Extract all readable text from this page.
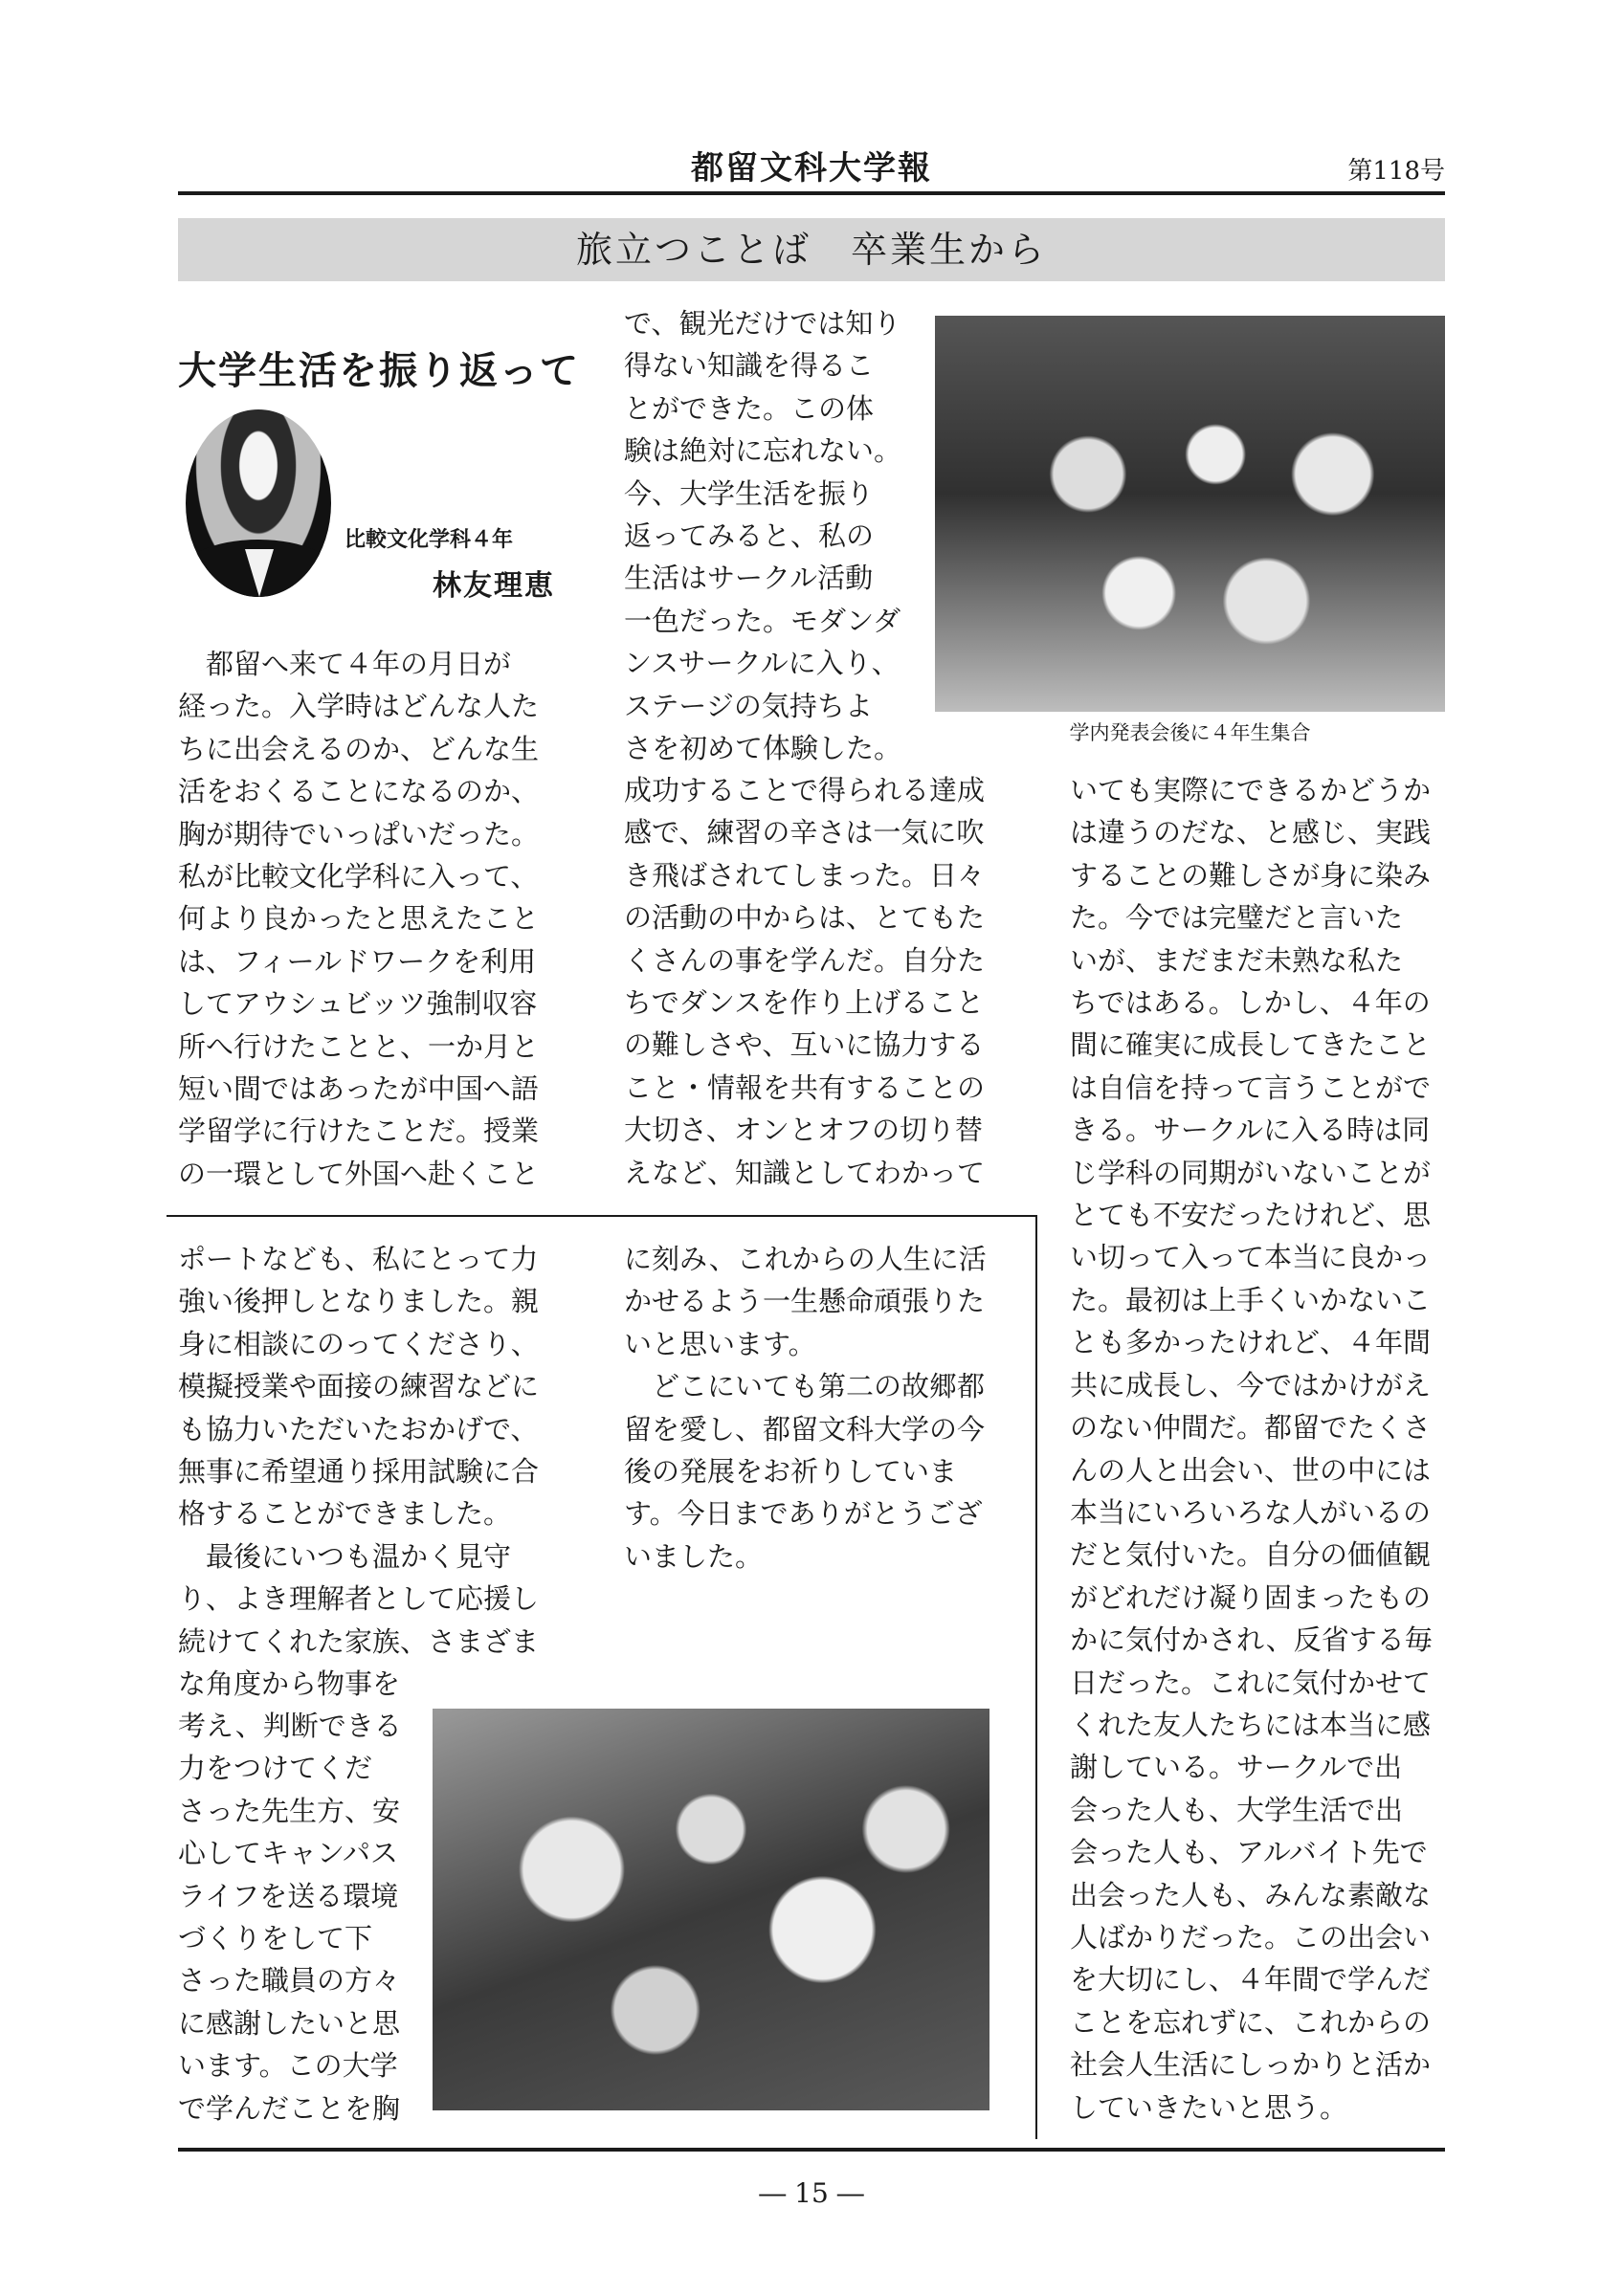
都留文科大学報	第118号
旅立つことば　卒業生から
大学生活を振り返って
比較文化学科４年
林友理恵
　都留へ来て４年の月日が
経った。入学時はどんな人た
ちに出会えるのか、どんな生
活をおくることになるのか、
胸が期待でいっぱいだった。
私が比較文化学科に入って、
何より良かったと思えたこと
は、フィールドワークを利用
してアウシュビッツ強制収容
所へ行けたことと、一か月と
短い間ではあったが中国へ語
学留学に行けたことだ。授業
の一環として外国へ赴くこと
で、観光だけでは知り
得ない知識を得るこ
とができた。この体
験は絶対に忘れない。
今、大学生活を振り
返ってみると、私の
生活はサークル活動
一色だった。モダンダ
ンスサークルに入り、
ステージの気持ちよ
さを初めて体験した。
成功することで得られる達成
感で、練習の辛さは一気に吹
き飛ばされてしまった。日々
の活動の中からは、とてもた
くさんの事を学んだ。自分た
ちでダンスを作り上げること
の難しさや、互いに協力する
こと・情報を共有することの
大切さ、オンとオフの切り替
えなど、知識としてわかって
いても実際にできるかどうか
は違うのだな、と感じ、実践
することの難しさが身に染み
た。今では完璧だと言いた
いが、まだまだ未熟な私た
ちではある。しかし、４年の
間に確実に成長してきたこと
は自信を持って言うことがで
きる。サークルに入る時は同
じ学科の同期がいないことが
とても不安だったけれど、思
い切って入って本当に良かっ
た。最初は上手くいかないこ
とも多かったけれど、４年間
共に成長し、今ではかけがえ
のない仲間だ。都留でたくさ
んの人と出会い、世の中には
本当にいろいろな人がいるの
だと気付いた。自分の価値観
がどれだけ凝り固まったもの
かに気付かされ、反省する毎
日だった。これに気付かせて
くれた友人たちには本当に感
謝している。サークルで出
会った人も、大学生活で出
会った人も、アルバイト先で
出会った人も、みんな素敵な
人ばかりだった。この出会い
を大切にし、４年間で学んだ
ことを忘れずに、これからの
社会人生活にしっかりと活か
していきたいと思う。
学内発表会後に４年生集合
ポートなども、私にとって力
強い後押しとなりました。親
身に相談にのってくださり、
模擬授業や面接の練習などに
も協力いただいたおかげで、
無事に希望通り採用試験に合
格することができました。
　最後にいつも温かく見守
り、よき理解者として応援し
続けてくれた家族、さまざま
な角度から物事を
考え、判断できる
力をつけてくだ
さった先生方、安
心してキャンパス
ライフを送る環境
づくりをして下
さった職員の方々
に感謝したいと思
います。この大学
で学んだことを胸
に刻み、これからの人生に活
かせるよう一生懸命頑張りた
いと思います。
　どこにいても第二の故郷都
留を愛し、都留文科大学の今
後の発展をお祈りしていま
す。今日までありがとうござ
いました。
― 15 ―
